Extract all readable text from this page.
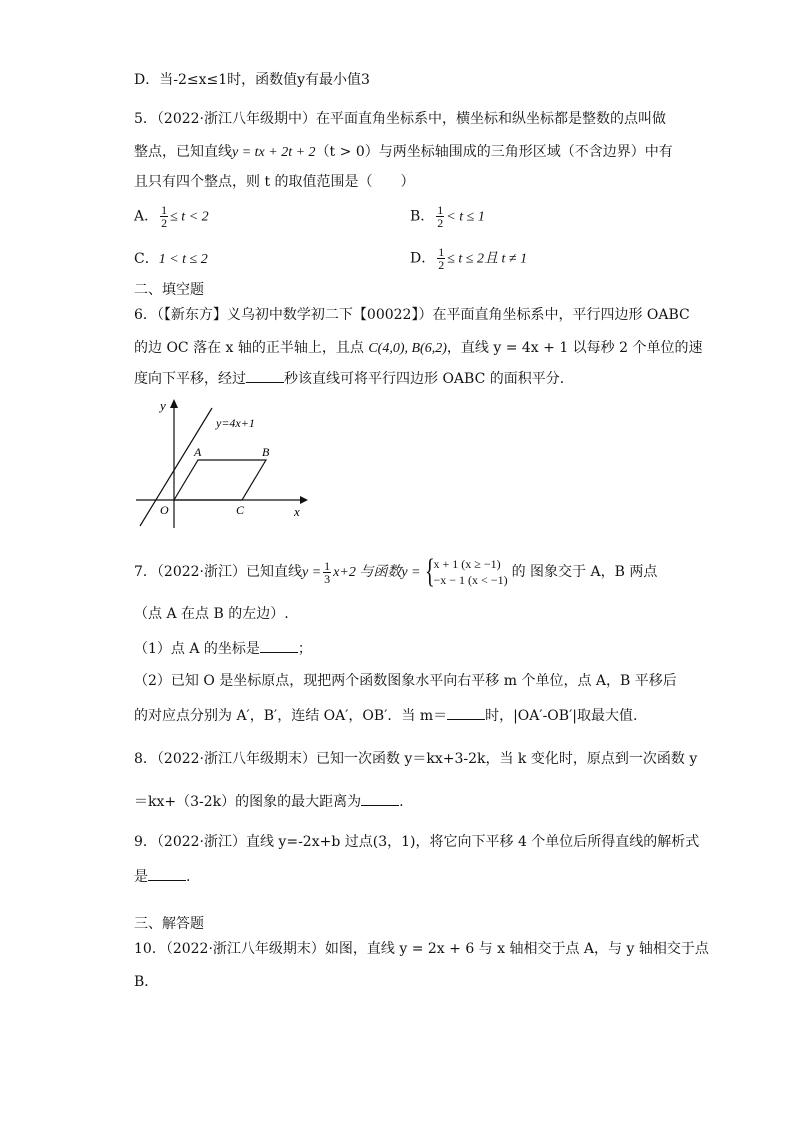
D．当-2≤x≤1时，函数值y有最小值3
5．（2022·浙江八年级期中）在平面直角坐标系中，横坐标和纵坐标都是整数的点叫做
整点，已知直线y = tx + 2t + 2（t > 0）与两坐标轴围成的三角形区域（不含边界）中有
且只有四个整点，则 t 的取值范围是（　　）
A． $\frac{1}{2} \le t < 2$	B． $\frac{1}{2} < t \le 1$
C．1 < t ≤ 2	D． $\frac{1}{2} \le t \le 2$且 t ≠ 1
二、填空题
6．（【新东方】义乌初中数学初二下【00022】）在平面直角坐标系中，平行四边形 OABC
的边 OC 落在 x 轴的正半轴上，且点 C(4,0), B(6,2)，直线 y = 4x + 1 以每秒 2 个单位的速
度向下平移，经过	秒该直线可将平行四边形 OABC 的面积平分．
y=4x+1
y
x
O
A	B
C
7．（2022·浙江）已知直线$y = \frac{1}{3} x+2$ 与函数y = { x + 1 (x ≥ −1)
−x − 1 (x < −1) 的 图象交于 A，B 两点
（点 A 在点 B 的左边）.
（1）点 A 的坐标是	；
（2）已知 O 是坐标原点，现把两个函数图象水平向右平移 m 个单位，点 A，B 平移后
的对应点分别为 A′，B′，连结 OA′，OB′．当 m＝	时，|OA′-OB′|取最大值.
8．（2022·浙江八年级期末）已知一次函数 y＝kx+3-2k，当 k 变化时，原点到一次函数 y
＝kx+（3-2k）的图象的最大距离为	.
9．（2022·浙江）直线 y=-2x+b 过点(3，1)，将它向下平移 4 个单位后所得直线的解析式
是	.
三、解答题
10．（2022·浙江八年级期末）如图，直线 y = 2x + 6 与 x 轴相交于点 A，与 y 轴相交于点
B．
